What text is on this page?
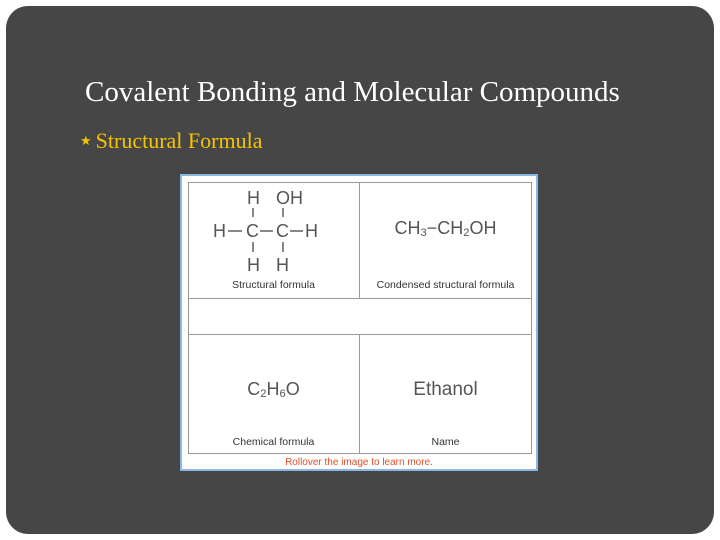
Covalent Bonding and Molecular Compounds
★ Structural Formula
H OH
H C C H
H H
Structural formula
$CH_3-CH_2OH$
Condensed structural formula
$C_2H_6O$
Chemical formula
Ethanol
Name
Rollover the image to learn more.
